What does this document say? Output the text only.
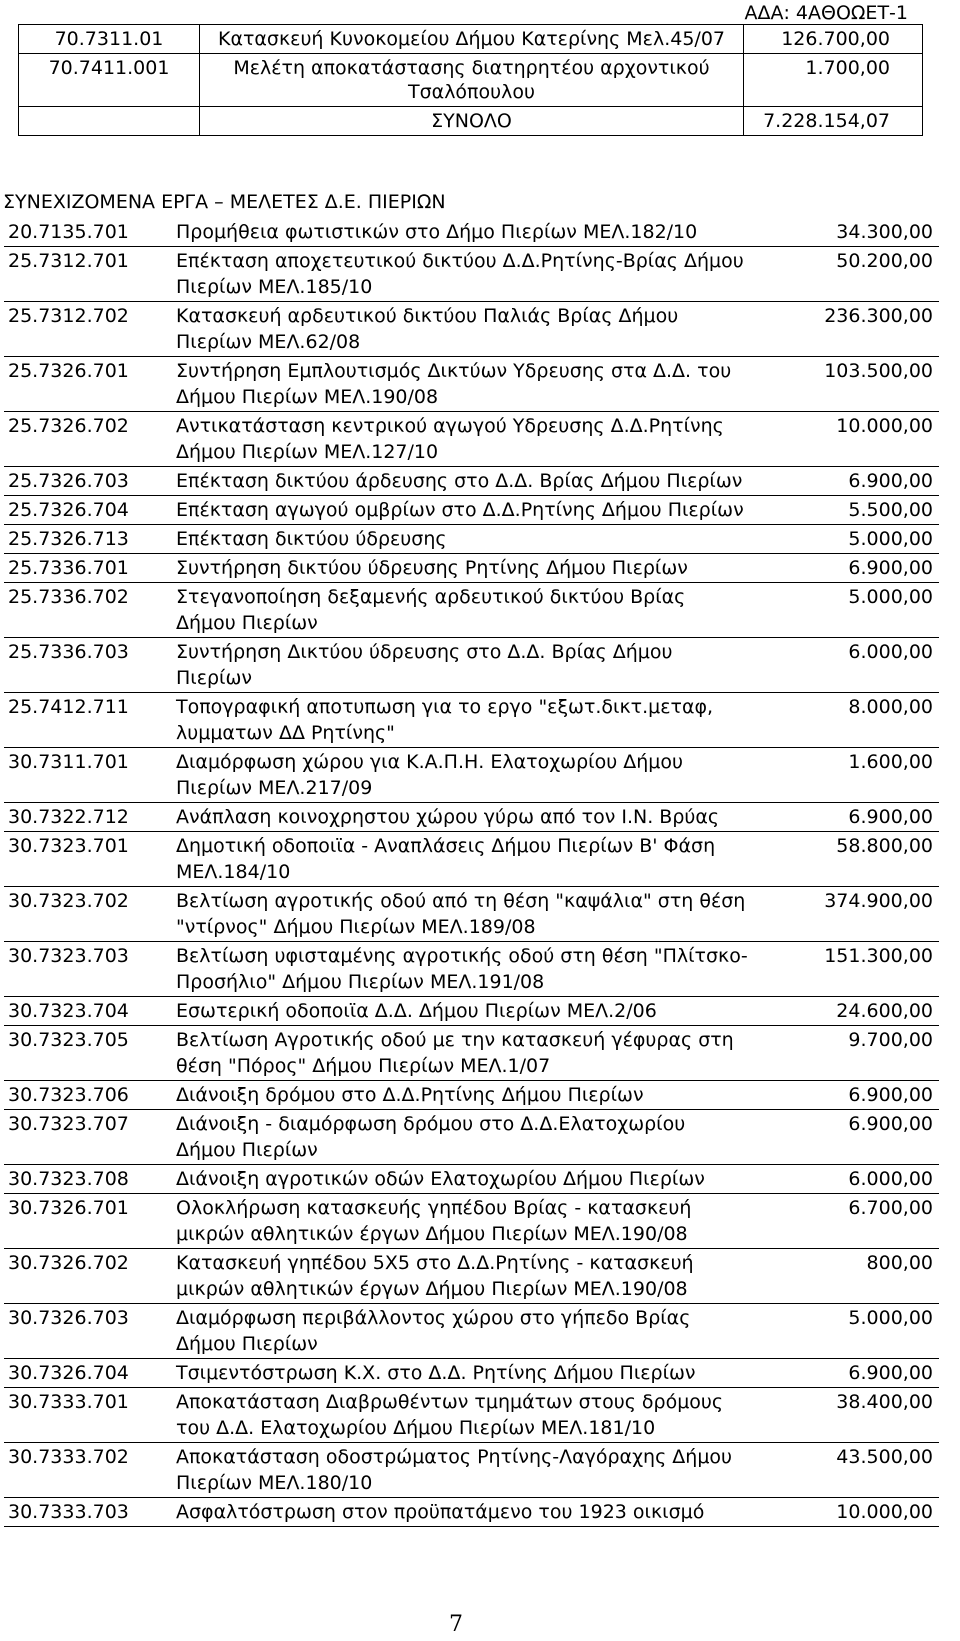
ΑΔΑ: 4ΑΘΟΩΕΤ-1
70.7311.01	Κατασκευή Κυνοκομείου Δήμου Κατερίνης Μελ.45/07	126.700,00
70.7411.001	Μελέτη αποκατάστασης διατηρητέου αρχοντικού Τσαλόπουλου	1.700,00
	ΣΥΝΟΛΟ	7.228.154,07
ΣΥΝΕΧΙΖΟΜΕΝΑ ΕΡΓΑ – ΜΕΛΕΤΕΣ Δ.Ε. ΠΙΕΡΙΩΝ
20.7135.701	Προμήθεια φωτιστικών στο Δήμο Πιερίων ΜΕΛ.182/10	34.300,00
25.7312.701	Επέκταση αποχετευτικού δικτύου Δ.Δ.Ρητίνης-Βρίας Δήμου Πιερίων ΜΕΛ.185/10	50.200,00
25.7312.702	Κατασκευή αρδευτικού δικτύου Παλιάς Βρίας Δήμου Πιερίων ΜΕΛ.62/08	236.300,00
25.7326.701	Συντήρηση Εμπλουτισμός Δικτύων Υδρευσης στα Δ.Δ. του Δήμου Πιερίων ΜΕΛ.190/08	103.500,00
25.7326.702	Αντικατάσταση κεντρικού αγωγού Υδρευσης Δ.Δ.Ρητίνης Δήμου Πιερίων ΜΕΛ.127/10	10.000,00
25.7326.703	Επέκταση δικτύου άρδευσης στο Δ.Δ. Βρίας Δήμου Πιερίων	6.900,00
25.7326.704	Επέκταση αγωγού ομβρίων στο Δ.Δ.Ρητίνης Δήμου Πιερίων	5.500,00
25.7326.713	Επέκταση δικτύου ύδρευσης	5.000,00
25.7336.701	Συντήρηση δικτύου ύδρευσης Ρητίνης Δήμου Πιερίων	6.900,00
25.7336.702	Στεγανοποίηση δεξαμενής αρδευτικού δικτύου Βρίας Δήμου Πιερίων	5.000,00
25.7336.703	Συντήρηση Δικτύου ύδρευσης στο Δ.Δ. Βρίας Δήμου Πιερίων	6.000,00
25.7412.711	Τοπογραφική αποτυπωση για το εργο "εξωτ.δικτ.μεταφ, λυμματων ΔΔ Ρητίνης"	8.000,00
30.7311.701	Διαμόρφωση χώρου για Κ.Α.Π.Η. Ελατοχωρίου Δήμου Πιερίων ΜΕΛ.217/09	1.600,00
30.7322.712	Ανάπλαση κοινοχρηστου χώρου γύρω από τον Ι.Ν. Βρύας	6.900,00
30.7323.701	Δημοτική οδοποιϊα - Αναπλάσεις Δήμου Πιερίων Β' Φάση ΜΕΛ.184/10	58.800,00
30.7323.702	Βελτίωση αγροτικής οδού από τη θέση "καψάλια" στη θέση "ντίρνος" Δήμου Πιερίων ΜΕΛ.189/08	374.900,00
30.7323.703	Βελτίωση υφισταμένης αγροτικής οδού στη θέση "Πλίτσκο-Προσήλιο" Δήμου Πιερίων ΜΕΛ.191/08	151.300,00
30.7323.704	Εσωτερική οδοποιϊα Δ.Δ. Δήμου Πιερίων ΜΕΛ.2/06	24.600,00
30.7323.705	Βελτίωση Αγροτικής οδού με την κατασκευή γέφυρας στη θέση "Πόρος" Δήμου Πιερίων ΜΕΛ.1/07	9.700,00
30.7323.706	Διάνοιξη δρόμου στο Δ.Δ.Ρητίνης Δήμου Πιερίων	6.900,00
30.7323.707	Διάνοιξη - διαμόρφωση δρόμου στο Δ.Δ.Ελατοχωρίου Δήμου Πιερίων	6.900,00
30.7323.708	Διάνοιξη αγροτικών οδών Ελατοχωρίου Δήμου Πιερίων	6.000,00
30.7326.701	Ολοκλήρωση κατασκευής γηπέδου Βρίας - κατασκευή μικρών αθλητικών έργων Δήμου Πιερίων ΜΕΛ.190/08	6.700,00
30.7326.702	Κατασκευή γηπέδου 5Χ5 στο Δ.Δ.Ρητίνης - κατασκευή μικρών αθλητικών έργων Δήμου Πιερίων ΜΕΛ.190/08	800,00
30.7326.703	Διαμόρφωση περιβάλλοντος χώρου στο γήπεδο Βρίας Δήμου Πιερίων	5.000,00
30.7326.704	Τσιμεντόστρωση Κ.Χ. στο Δ.Δ. Ρητίνης Δήμου Πιερίων	6.900,00
30.7333.701	Αποκατάσταση Διαβρωθέντων τμημάτων στους δρόμους του Δ.Δ. Ελατοχωρίου Δήμου Πιερίων ΜΕΛ.181/10	38.400,00
30.7333.702	Αποκατάσταση οδοστρώματος Ρητίνης-Λαγόραχης Δήμου Πιερίων ΜΕΛ.180/10	43.500,00
30.7333.703	Ασφαλτόστρωση στον προϋπατάμενο του 1923 οικισμό	10.000,00
7
